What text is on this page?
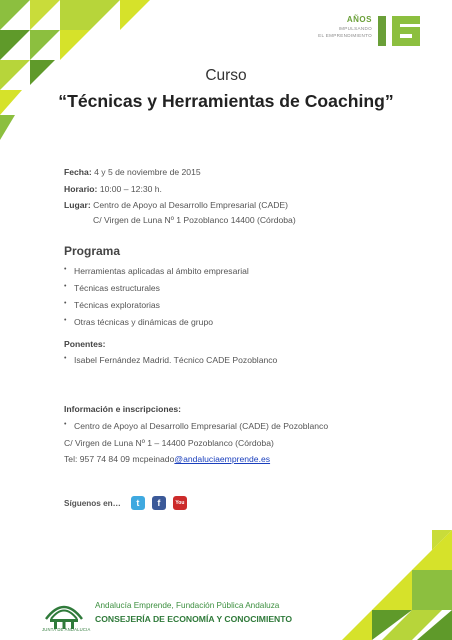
AÑOS
IMPULSANDO
EL EMPRENDIMIENTO
Curso
“Técnicas y Herramientas de Coaching”
Fecha: 4 y 5 de noviembre de 2015
Horario: 10:00 – 12:30 h.
Lugar: Centro de Apoyo al Desarrollo Empresarial (CADE)
C/ Virgen de Luna Nº 1 Pozoblanco 14400 (Córdoba)
Programa
• Herramientas aplicadas al ámbito empresarial
• Técnicas estructurales
• Técnicas exploratorias
• Otras técnicas y dinámicas de grupo
Ponentes:
• Isabel Fernández Madrid. Técnico CADE Pozoblanco
Información e inscripciones:
• Centro de Apoyo al Desarrollo Empresarial (CADE) de Pozoblanco
C/ Virgen de Luna Nº 1 – 14400 Pozoblanco (Córdoba)
Tel: 957 74 84 09 mcpeinado@andaluciaemprende.es
Síguenos en… t f	You
JUNTA DE ANDALUCIA
Andalucía Emprende, Fundación Pública Andaluza
CONSEJERÍA DE ECONOMÍA Y CONOCIMIENTO
